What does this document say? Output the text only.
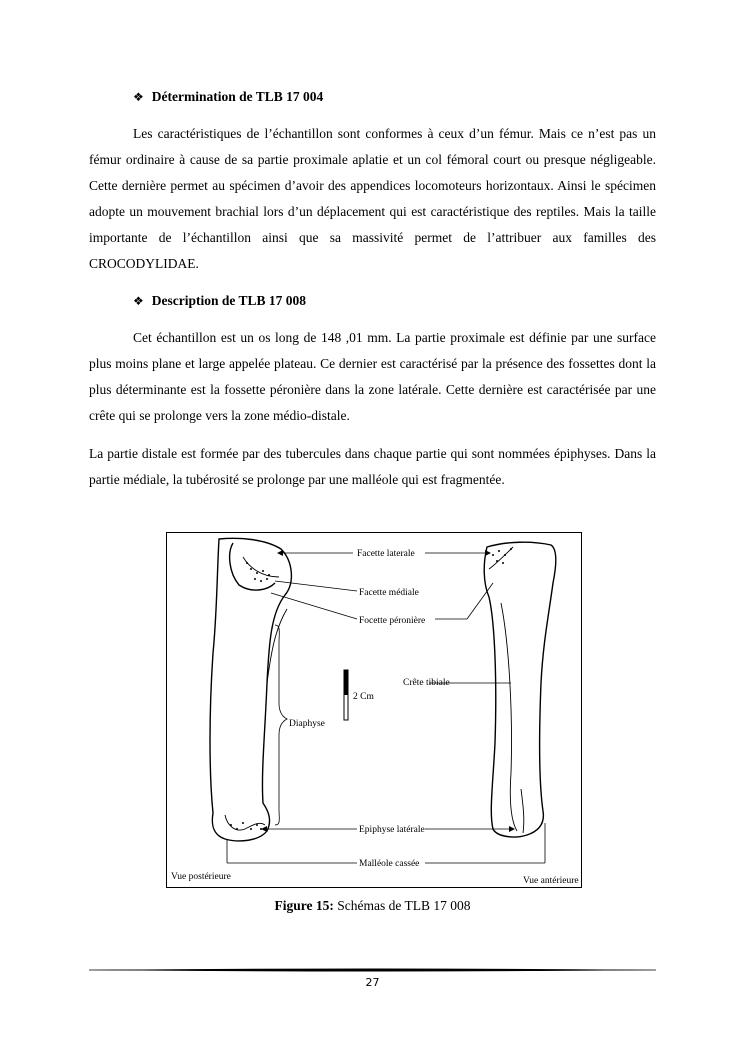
❖ Détermination de TLB 17 004

Les caractéristiques de l’échantillon sont conformes à ceux d’un fémur. Mais ce n’est pas un fémur ordinaire à cause de sa partie proximale aplatie et un col fémoral court ou presque négligeable. Cette dernière permet au spécimen d’avoir des appendices locomoteurs horizontaux. Ainsi le spécimen adopte un mouvement brachial lors d’un déplacement qui est caractéristique des reptiles. Mais la taille importante de l’échantillon ainsi que sa massivité permet de l’attribuer aux familles des CROCODYLIDAE.

❖ Description de TLB 17 008

Cet échantillon est un os long de 148 ,01 mm. La partie proximale est définie par une surface plus moins plane et large appelée plateau. Ce dernier est caractérisé par la présence des fossettes dont la plus déterminante est la fossette péronière dans la zone latérale. Cette dernière est caractérisée par une crête qui se prolonge vers la zone médio-distale.

La partie distale est formée par des tubercules dans chaque partie qui sont nommées épiphyses. Dans la partie médiale, la tubérosité se prolonge par une malléole qui est fragmentée.

Facette laterale
Facette médiale
Focette péronière
Crête tibiale
2 Cm
Diaphyse
Epiphyse latérale
Malléole cassée
Vue postérieure	Vue antérieure
Figure 15: Schémas de TLB 17 008
27
